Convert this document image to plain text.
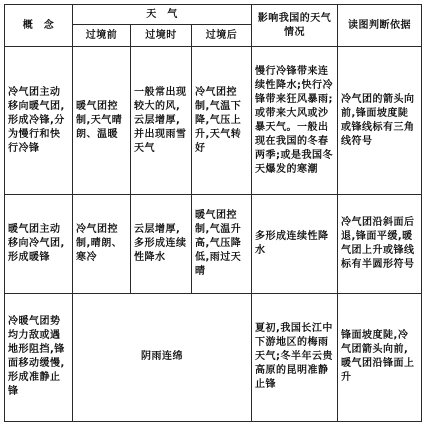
概　念	天　气			影响我国的天气情况	读图判断依据
	过境前	过境时	过境后		
冷气团主动移向暖气团,形成冷锋,分为慢行和快行冷锋	暖气团控制,天气晴朗、温暖	一般常出现较大的风,云层增厚,并出现雨雪天气	冷气团控制,气温下降,气压上升,天气转好	慢行冷锋带来连续性降水;快行冷锋带来狂风暴雨;或带来大风或沙暴天气。一般出现在我国的冬春两季;或是我国冬天爆发的寒潮	冷气团的箭头向前,锋面坡度陡或锋线标有三角线符号
暖气团主动移向冷气团,形成暖锋	冷气团控制,晴朗、寒冷	云层增厚,多形成连续性降水	暖气团控制,气温升高,气压降低,雨过天晴	多形成连续性降水	冷气团沿斜面后退,锋面平缓,暖气团上升或锋线标有半圆形符号
冷暖气团势均力敌或遇地形阻挡,锋面移动缓慢,形成准静止锋	阴雨连绵			夏初,我国长江中下游地区的梅雨天气;冬半年云贵高原的昆明准静止锋	锋面坡度陡,冷气团箭头向前,暖气团沿锋面上升
